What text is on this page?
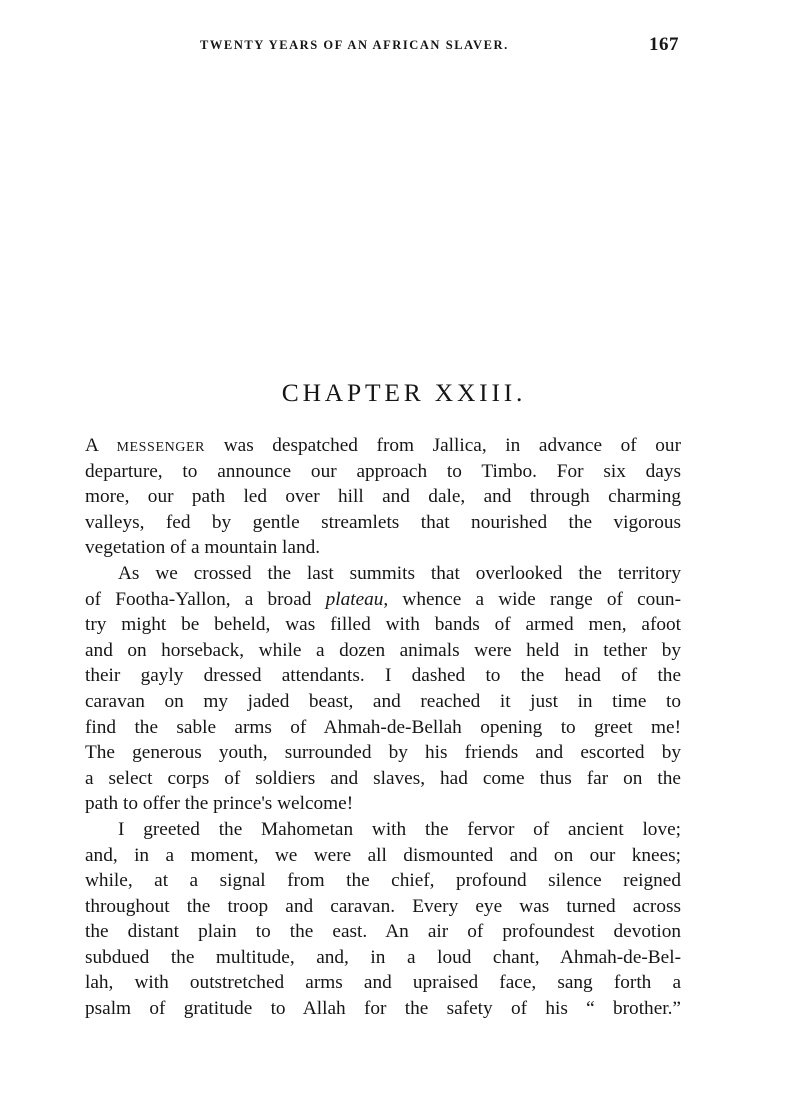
TWENTY YEARS OF AN AFRICAN SLAVER.	167
CHAPTER XXIII.
A MESSENGER was despatched from Jallica, in advance of our
departure, to announce our approach to Timbo. For six days
more, our path led over hill and dale, and through charming
valleys, fed by gentle streamlets that nourished the vigorous
vegetation of a mountain land.
As we crossed the last summits that overlooked the territory
of Footha-Yallon, a broad plateau, whence a wide range of coun-
try might be beheld, was filled with bands of armed men, afoot
and on horseback, while a dozen animals were held in tether by
their gayly dressed attendants. I dashed to the head of the
caravan on my jaded beast, and reached it just in time to
find the sable arms of Ahmah-de-Bellah opening to greet me!
The generous youth, surrounded by his friends and escorted by
a select corps of soldiers and slaves, had come thus far on the
path to offer the prince's welcome!
I greeted the Mahometan with the fervor of ancient love;
and, in a moment, we were all dismounted and on our knees;
while, at a signal from the chief, profound silence reigned
throughout the troop and caravan. Every eye was turned across
the distant plain to the east. An air of profoundest devotion
subdued the multitude, and, in a loud chant, Ahmah-de-Bel-
lah, with outstretched arms and upraised face, sang forth a
psalm of gratitude to Allah for the safety of his “ brother.”
